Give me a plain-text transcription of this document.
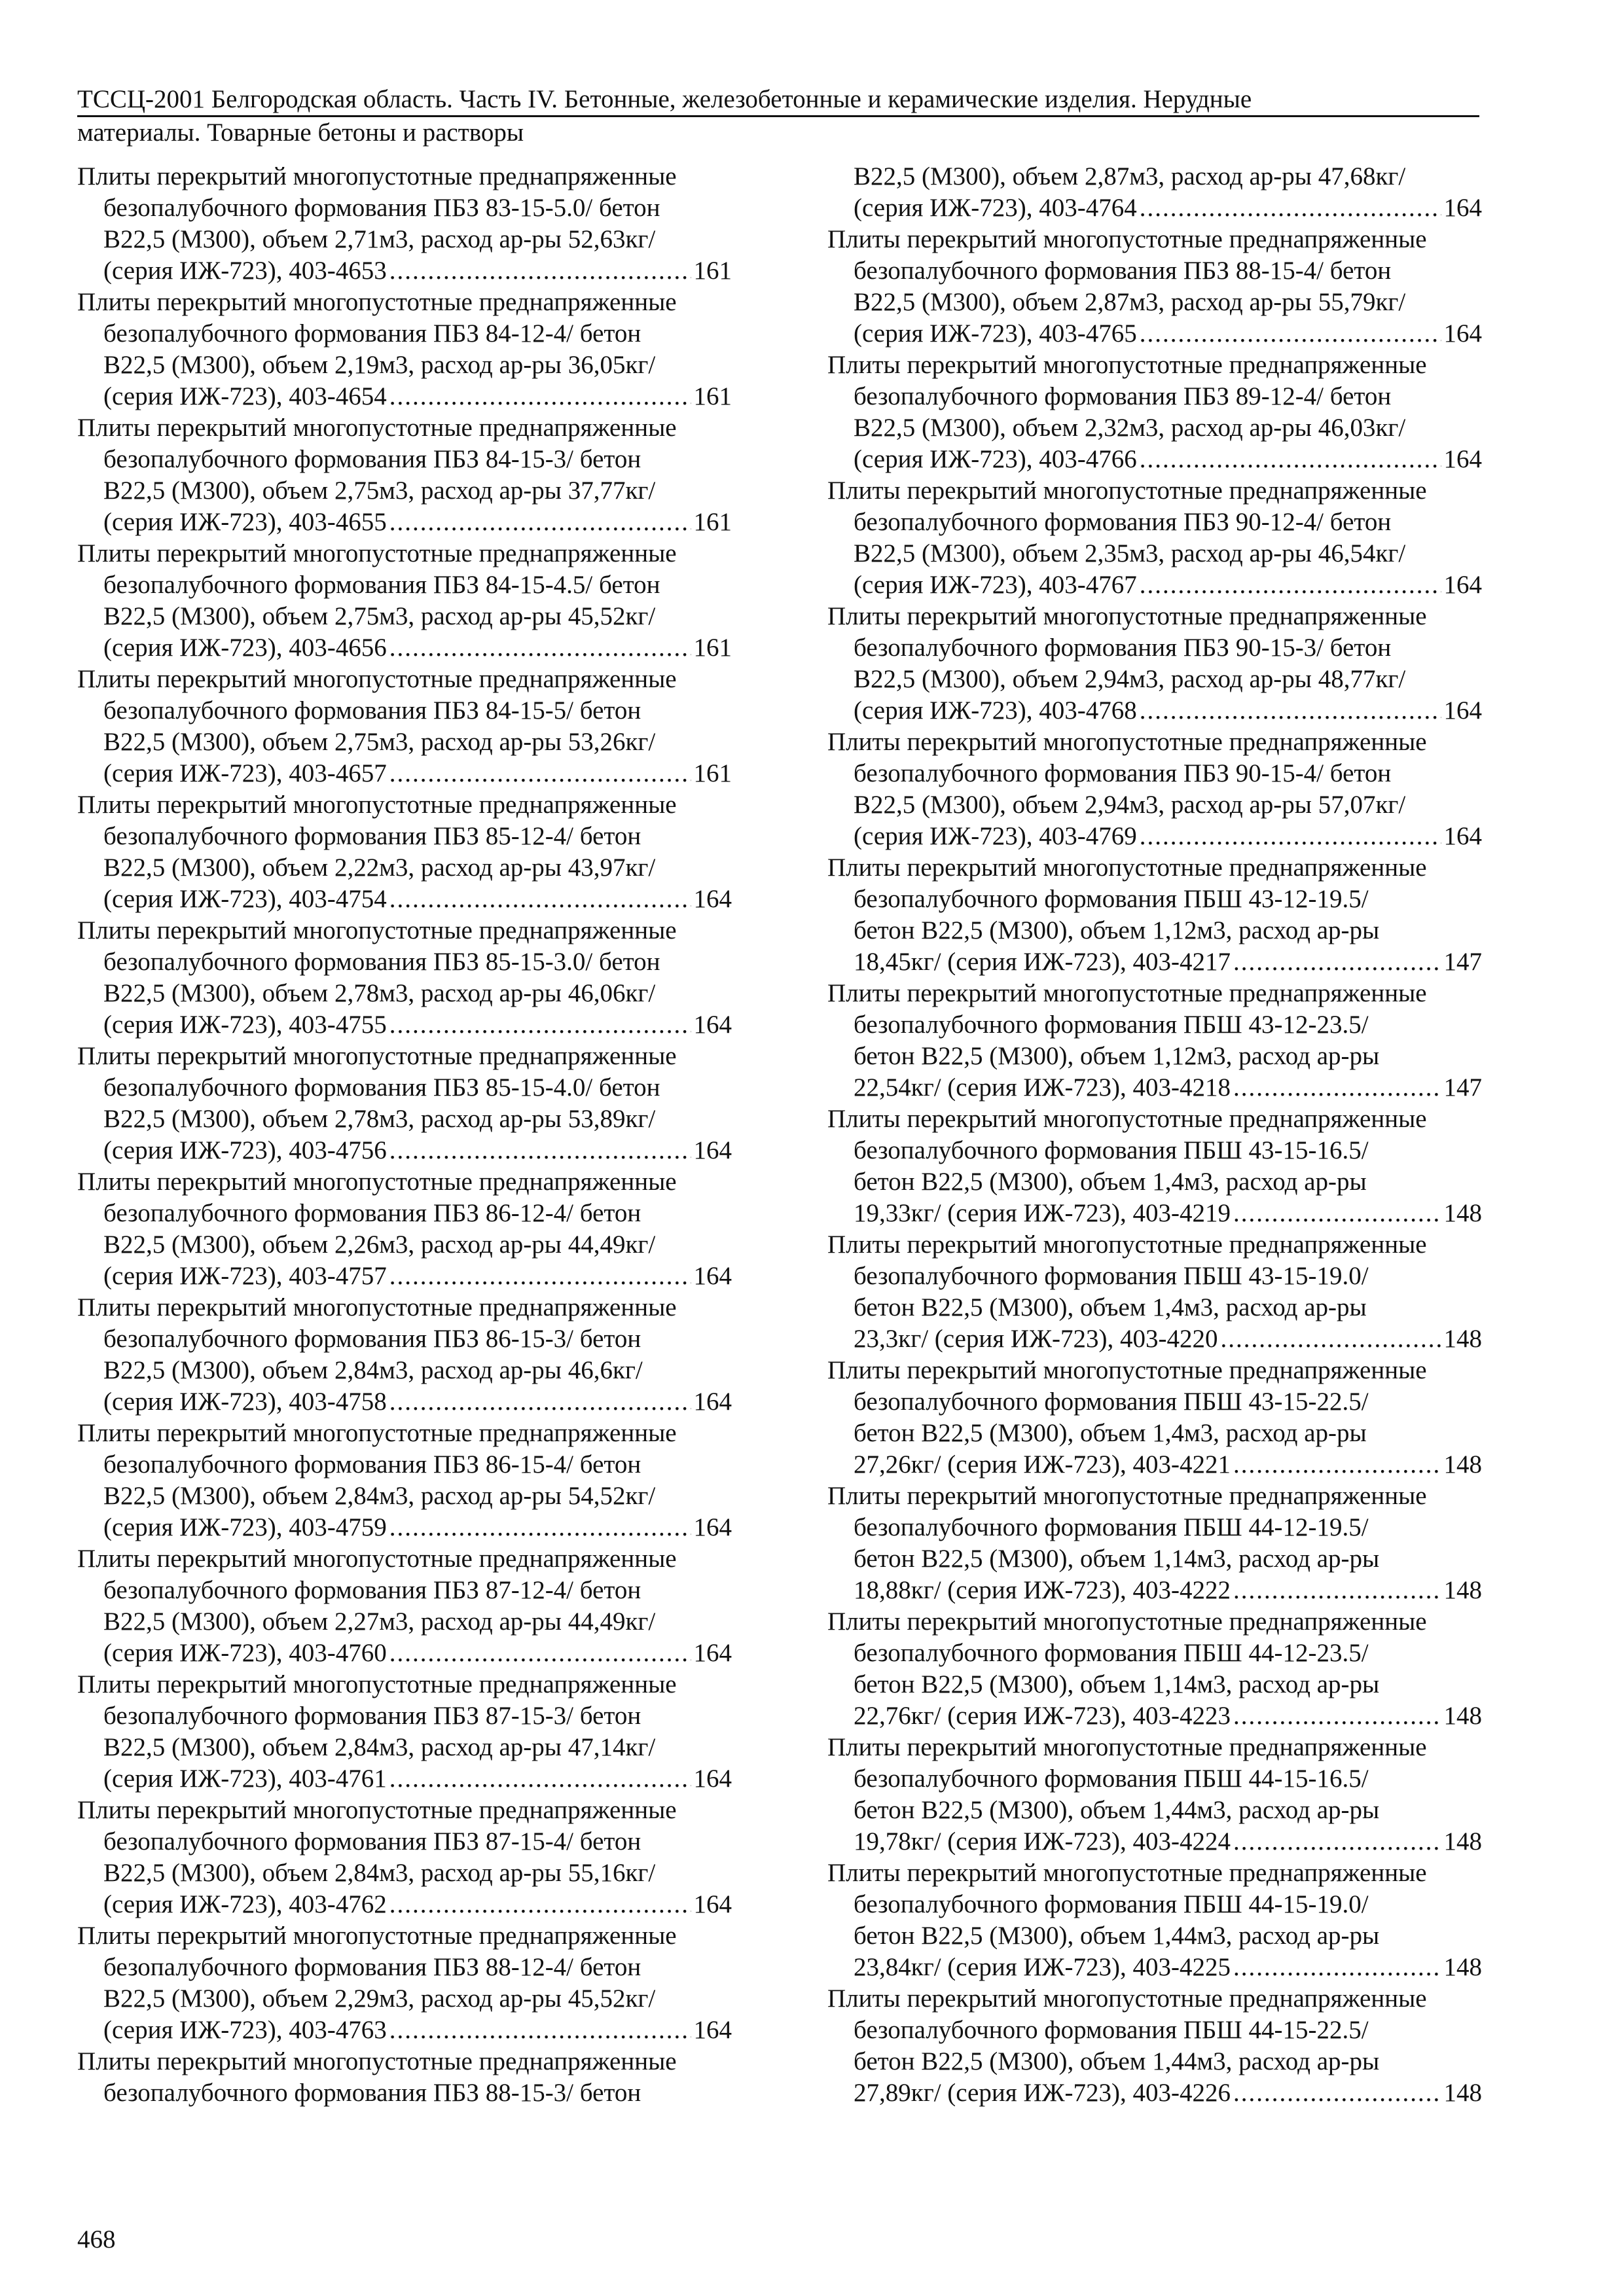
ТССЦ-2001 Белгородская область. Часть IV. Бетонные, железобетонные и керамические изделия. Нерудные
материалы. Товарные бетоны и растворы
Плиты перекрытий многопустотные преднапряженные
безопалубочного формования ПБЗ 83-15-5.0/ бетон
В22,5 (М300), объем 2,71м3, расход ар-ры 52,63кг/
(серия ИЖ-723), 403-4653 .....	161
Плиты перекрытий многопустотные преднапряженные
безопалубочного формования ПБЗ 84-12-4/ бетон
В22,5 (М300), объем 2,19м3, расход ар-ры 36,05кг/
(серия ИЖ-723), 403-4654 .....	161
Плиты перекрытий многопустотные преднапряженные
безопалубочного формования ПБЗ 84-15-3/ бетон
В22,5 (М300), объем 2,75м3, расход ар-ры 37,77кг/
(серия ИЖ-723), 403-4655 .....	161
Плиты перекрытий многопустотные преднапряженные
безопалубочного формования ПБЗ 84-15-4.5/ бетон
В22,5 (М300), объем 2,75м3, расход ар-ры 45,52кг/
(серия ИЖ-723), 403-4656 .....	161
Плиты перекрытий многопустотные преднапряженные
безопалубочного формования ПБЗ 84-15-5/ бетон
В22,5 (М300), объем 2,75м3, расход ар-ры 53,26кг/
(серия ИЖ-723), 403-4657 .....	161
Плиты перекрытий многопустотные преднапряженные
безопалубочного формования ПБЗ 85-12-4/ бетон
В22,5 (М300), объем 2,22м3, расход ар-ры 43,97кг/
(серия ИЖ-723), 403-4754 .....	164
Плиты перекрытий многопустотные преднапряженные
безопалубочного формования ПБЗ 85-15-3.0/ бетон
В22,5 (М300), объем 2,78м3, расход ар-ры 46,06кг/
(серия ИЖ-723), 403-4755 .....	164
Плиты перекрытий многопустотные преднапряженные
безопалубочного формования ПБЗ 85-15-4.0/ бетон
В22,5 (М300), объем 2,78м3, расход ар-ры 53,89кг/
(серия ИЖ-723), 403-4756 .....	164
Плиты перекрытий многопустотные преднапряженные
безопалубочного формования ПБЗ 86-12-4/ бетон
В22,5 (М300), объем 2,26м3, расход ар-ры 44,49кг/
(серия ИЖ-723), 403-4757 .....	164
Плиты перекрытий многопустотные преднапряженные
безопалубочного формования ПБЗ 86-15-3/ бетон
В22,5 (М300), объем 2,84м3, расход ар-ры 46,6кг/
(серия ИЖ-723), 403-4758 .....	164
Плиты перекрытий многопустотные преднапряженные
безопалубочного формования ПБЗ 86-15-4/ бетон
В22,5 (М300), объем 2,84м3, расход ар-ры 54,52кг/
(серия ИЖ-723), 403-4759 .....	164
Плиты перекрытий многопустотные преднапряженные
безопалубочного формования ПБЗ 87-12-4/ бетон
В22,5 (М300), объем 2,27м3, расход ар-ры 44,49кг/
(серия ИЖ-723), 403-4760 .....	164
Плиты перекрытий многопустотные преднапряженные
безопалубочного формования ПБЗ 87-15-3/ бетон
В22,5 (М300), объем 2,84м3, расход ар-ры 47,14кг/
(серия ИЖ-723), 403-4761 .....	164
Плиты перекрытий многопустотные преднапряженные
безопалубочного формования ПБЗ 87-15-4/ бетон
В22,5 (М300), объем 2,84м3, расход ар-ры 55,16кг/
(серия ИЖ-723), 403-4762 .....	164
Плиты перекрытий многопустотные преднапряженные
безопалубочного формования ПБЗ 88-12-4/ бетон
В22,5 (М300), объем 2,29м3, расход ар-ры 45,52кг/
(серия ИЖ-723), 403-4763 .....	164
Плиты перекрытий многопустотные преднапряженные
безопалубочного формования ПБЗ 88-15-3/ бетон
В22,5 (М300), объем 2,87м3, расход ар-ры 47,68кг/
(серия ИЖ-723), 403-4764 .....	164
Плиты перекрытий многопустотные преднапряженные
безопалубочного формования ПБЗ 88-15-4/ бетон
В22,5 (М300), объем 2,87м3, расход ар-ры 55,79кг/
(серия ИЖ-723), 403-4765 .....	164
Плиты перекрытий многопустотные преднапряженные
безопалубочного формования ПБЗ 89-12-4/ бетон
В22,5 (М300), объем 2,32м3, расход ар-ры 46,03кг/
(серия ИЖ-723), 403-4766 .....	164
Плиты перекрытий многопустотные преднапряженные
безопалубочного формования ПБЗ 90-12-4/ бетон
В22,5 (М300), объем 2,35м3, расход ар-ры 46,54кг/
(серия ИЖ-723), 403-4767 .....	164
Плиты перекрытий многопустотные преднапряженные
безопалубочного формования ПБЗ 90-15-3/ бетон
В22,5 (М300), объем 2,94м3, расход ар-ры 48,77кг/
(серия ИЖ-723), 403-4768 .....	164
Плиты перекрытий многопустотные преднапряженные
безопалубочного формования ПБЗ 90-15-4/ бетон
В22,5 (М300), объем 2,94м3, расход ар-ры 57,07кг/
(серия ИЖ-723), 403-4769 .....	164
Плиты перекрытий многопустотные преднапряженные
безопалубочного формования ПБШ 43-12-19.5/
бетон В22,5 (М300), объем 1,12м3, расход ар-ры
18,45кг/ (серия ИЖ-723), 403-4217 .....	147
Плиты перекрытий многопустотные преднапряженные
безопалубочного формования ПБШ 43-12-23.5/
бетон В22,5 (М300), объем 1,12м3, расход ар-ры
22,54кг/ (серия ИЖ-723), 403-4218 .....	147
Плиты перекрытий многопустотные преднапряженные
безопалубочного формования ПБШ 43-15-16.5/
бетон В22,5 (М300), объем 1,4м3, расход ар-ры
19,33кг/ (серия ИЖ-723), 403-4219 .....	148
Плиты перекрытий многопустотные преднапряженные
безопалубочного формования ПБШ 43-15-19.0/
бетон В22,5 (М300), объем 1,4м3, расход ар-ры
23,3кг/ (серия ИЖ-723), 403-4220 .....	148
Плиты перекрытий многопустотные преднапряженные
безопалубочного формования ПБШ 43-15-22.5/
бетон В22,5 (М300), объем 1,4м3, расход ар-ры
27,26кг/ (серия ИЖ-723), 403-4221 .....	148
Плиты перекрытий многопустотные преднапряженные
безопалубочного формования ПБШ 44-12-19.5/
бетон В22,5 (М300), объем 1,14м3, расход ар-ры
18,88кг/ (серия ИЖ-723), 403-4222 .....	148
Плиты перекрытий многопустотные преднапряженные
безопалубочного формования ПБШ 44-12-23.5/
бетон В22,5 (М300), объем 1,14м3, расход ар-ры
22,76кг/ (серия ИЖ-723), 403-4223 .....	148
Плиты перекрытий многопустотные преднапряженные
безопалубочного формования ПБШ 44-15-16.5/
бетон В22,5 (М300), объем 1,44м3, расход ар-ры
19,78кг/ (серия ИЖ-723), 403-4224 .....	148
Плиты перекрытий многопустотные преднапряженные
безопалубочного формования ПБШ 44-15-19.0/
бетон В22,5 (М300), объем 1,44м3, расход ар-ры
23,84кг/ (серия ИЖ-723), 403-4225 .....	148
Плиты перекрытий многопустотные преднапряженные
безопалубочного формования ПБШ 44-15-22.5/
бетон В22,5 (М300), объем 1,44м3, расход ар-ры
27,89кг/ (серия ИЖ-723), 403-4226 .....	148
468
